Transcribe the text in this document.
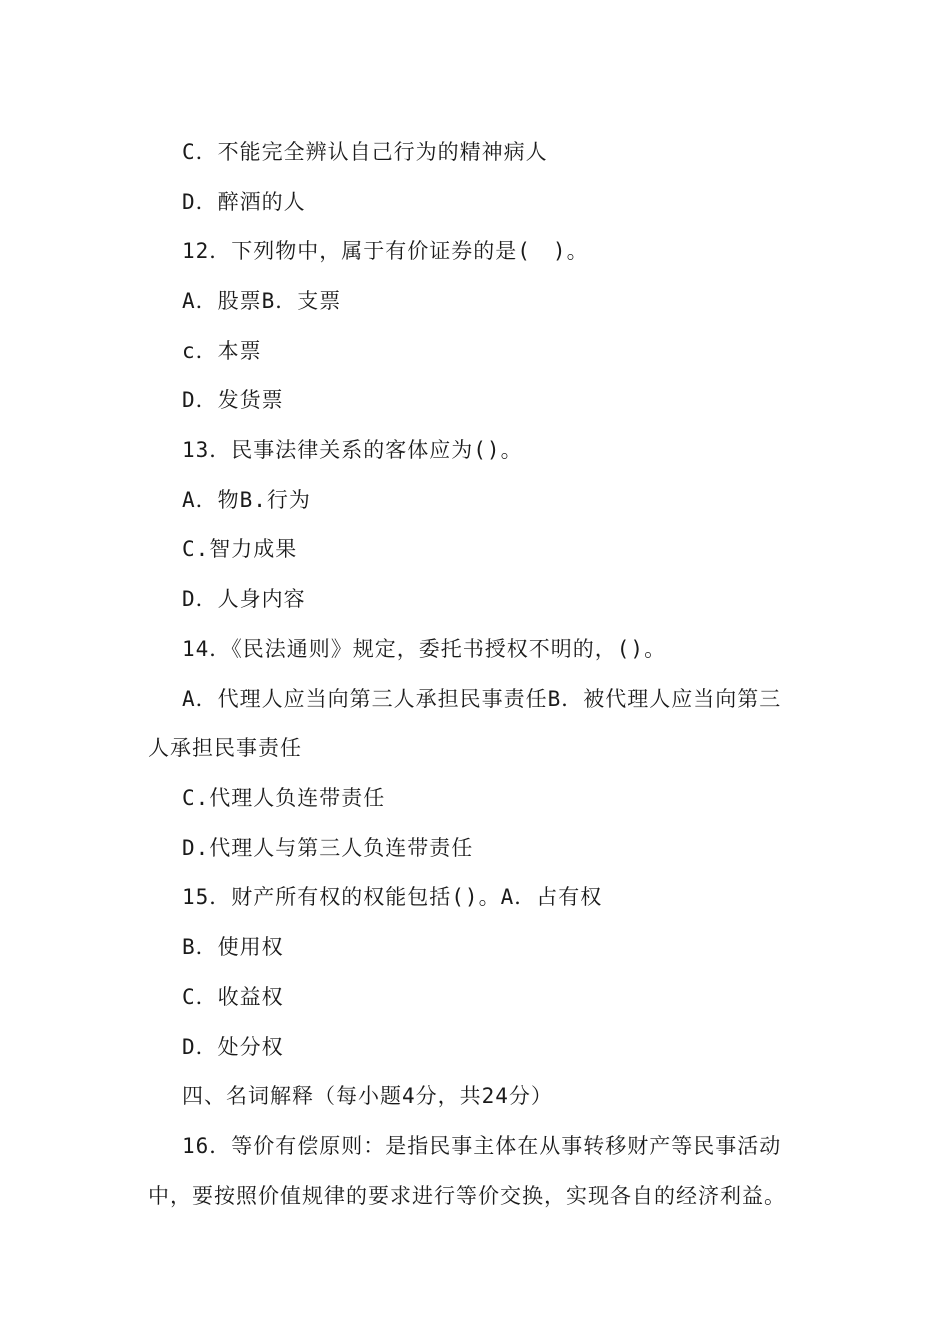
C．不能完全辨认自己行为的精神病人
D．醉酒的人
12．下列物中，属于有价证券的是(　)。
A．股票B．支票
c．本票
D．发货票
13．民事法律关系的客体应为()。
A．物B.行为
C.智力成果
D．人身内容
14．《民法通则》规定，委托书授权不明的，()。
A．代理人应当向第三人承担民事责任B．被代理人应当向第三
人承担民事责任
C.代理人负连带责任
D.代理人与第三人负连带责任
15．财产所有权的权能包括()。A．占有权
B．使用权
C．收益权
D．处分权
四、名词解释（每小题4分，共24分）
16．等价有偿原则：是指民事主体在从事转移财产等民事活动
中，要按照价值规律的要求进行等价交换，实现各自的经济利益。
